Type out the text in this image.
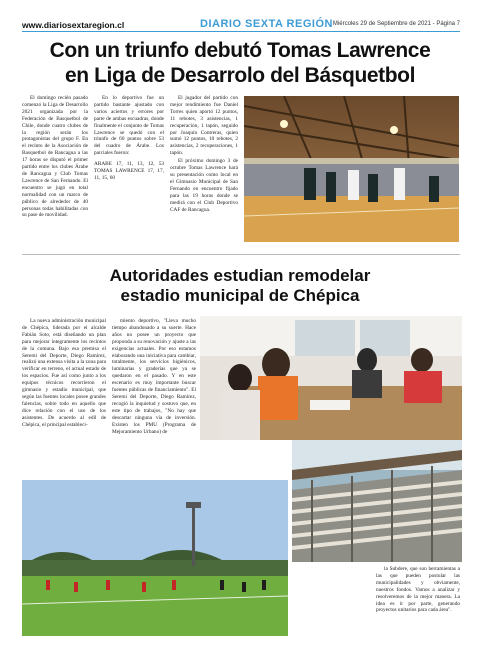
www.diariosextaregion.cl	DIARIO SEXTA REGIÓN Miércoles 29 de Septiembre de 2021 - Página 7
Con un triunfo debutó Tomas Lawrence
en Liga de Desarrolo del Básquetbol

El domingo recién pasado comenzó la Liga de Desarrollo 2021 organizada por la Federación de Basquetbol de Chile, donde cuatro clubes de la región serán los protagonistas del grupo F. En el recinto de la Asociación de Basquetbol de Rancagua a las 17 horas se disputó el primer partido entre los clubes Árabe de Rancagua y Club Tomas Lawrence de San Fernando. El encuentro se jugó en total normalidad con un marco de público de alrededor de 40 personas todas habilitadas con su pase de movilidad.

En lo deportivo fue un partido bastante ajustado con varios aciertos y errores por parte de ambas escuadras, donde finalmente el conjunto de Tomas Lawrence se quedó con el triunfo de 60 puntos sobre 53 del cuadro de Árabe. Los parciales fueron:

ARABE 17, 11, 13, 12, 53 TOMAS LAWRENCE 17, 17, 11, 15, 60

El jugador del partido con mejor rendimiento fue Daniel Torres quien aportó 12 puntos, 11 rebotes, 3 asistencias, 1 recuperación, 1 tapón, seguido por Joaquín Contreras, quien sumó 12 puntos, 10 rebotes, 2 asistencias, 2 recuperaciones, 1 tapón.

El próximo domingo 3 de octubre Tomas Lawrence hará su presentación como local en el Gimnasio Municipal de San Fernando en encuentro fijado para las 19 horas donde se medirá con el Club Deportivo CAF de Rancagua.

Autoridades estudian remodelar
estadio municipal de Chépica

La nueva administración municipal de Chépica, liderada por el alcalde Fabián Soto, está diseñando un plan para mejorar íntegramente los recintos de la comuna. Bajo esa premisa el Seremi del Deporte, Diego Ramírez, realizó una extensa visita a la zona para verificar en terreno, el actual estado de los espacios. Fue así como junto a los equipos técnicos recorrieron el gimnasio y estadio municipal, que según las fuentes locales posee grandes falencias, sobre todo en aquello que dice relación con el uso de los asistentes. De acuerdo al edil de Chépica, el principal estableci-

miento deportivo, "Lleva mucho tiempo abandonado a su suerte. Hace años no posee un proyecto que proponda a su renovación y ajuste a las exigencias actuales. Por eso estamos elaborando una iniciativa para cambiar, totalmente, los servicios higiénicos, luminarias y graderías que ya se quedaron en el pasado. Y en este escenario es muy importante buscar fuentes públicas de financiamiento". El Seremi del Deporte, Diego Ramírez, recogió la inquietud y sostuvo que, en este tipo de trabajos, "No hay que descartar ninguna vía de inversión. Existen los PMU (Programa de Mejoramiento Urbano) de

la Subdere, que son herramientas a las que pueden postular las municipalidades y obviamente, nuestros fondos. Vamos a analizar y resolveremos de la mejor manera. La idea es ir por parte, generando proyectos unitarios para cada área".
